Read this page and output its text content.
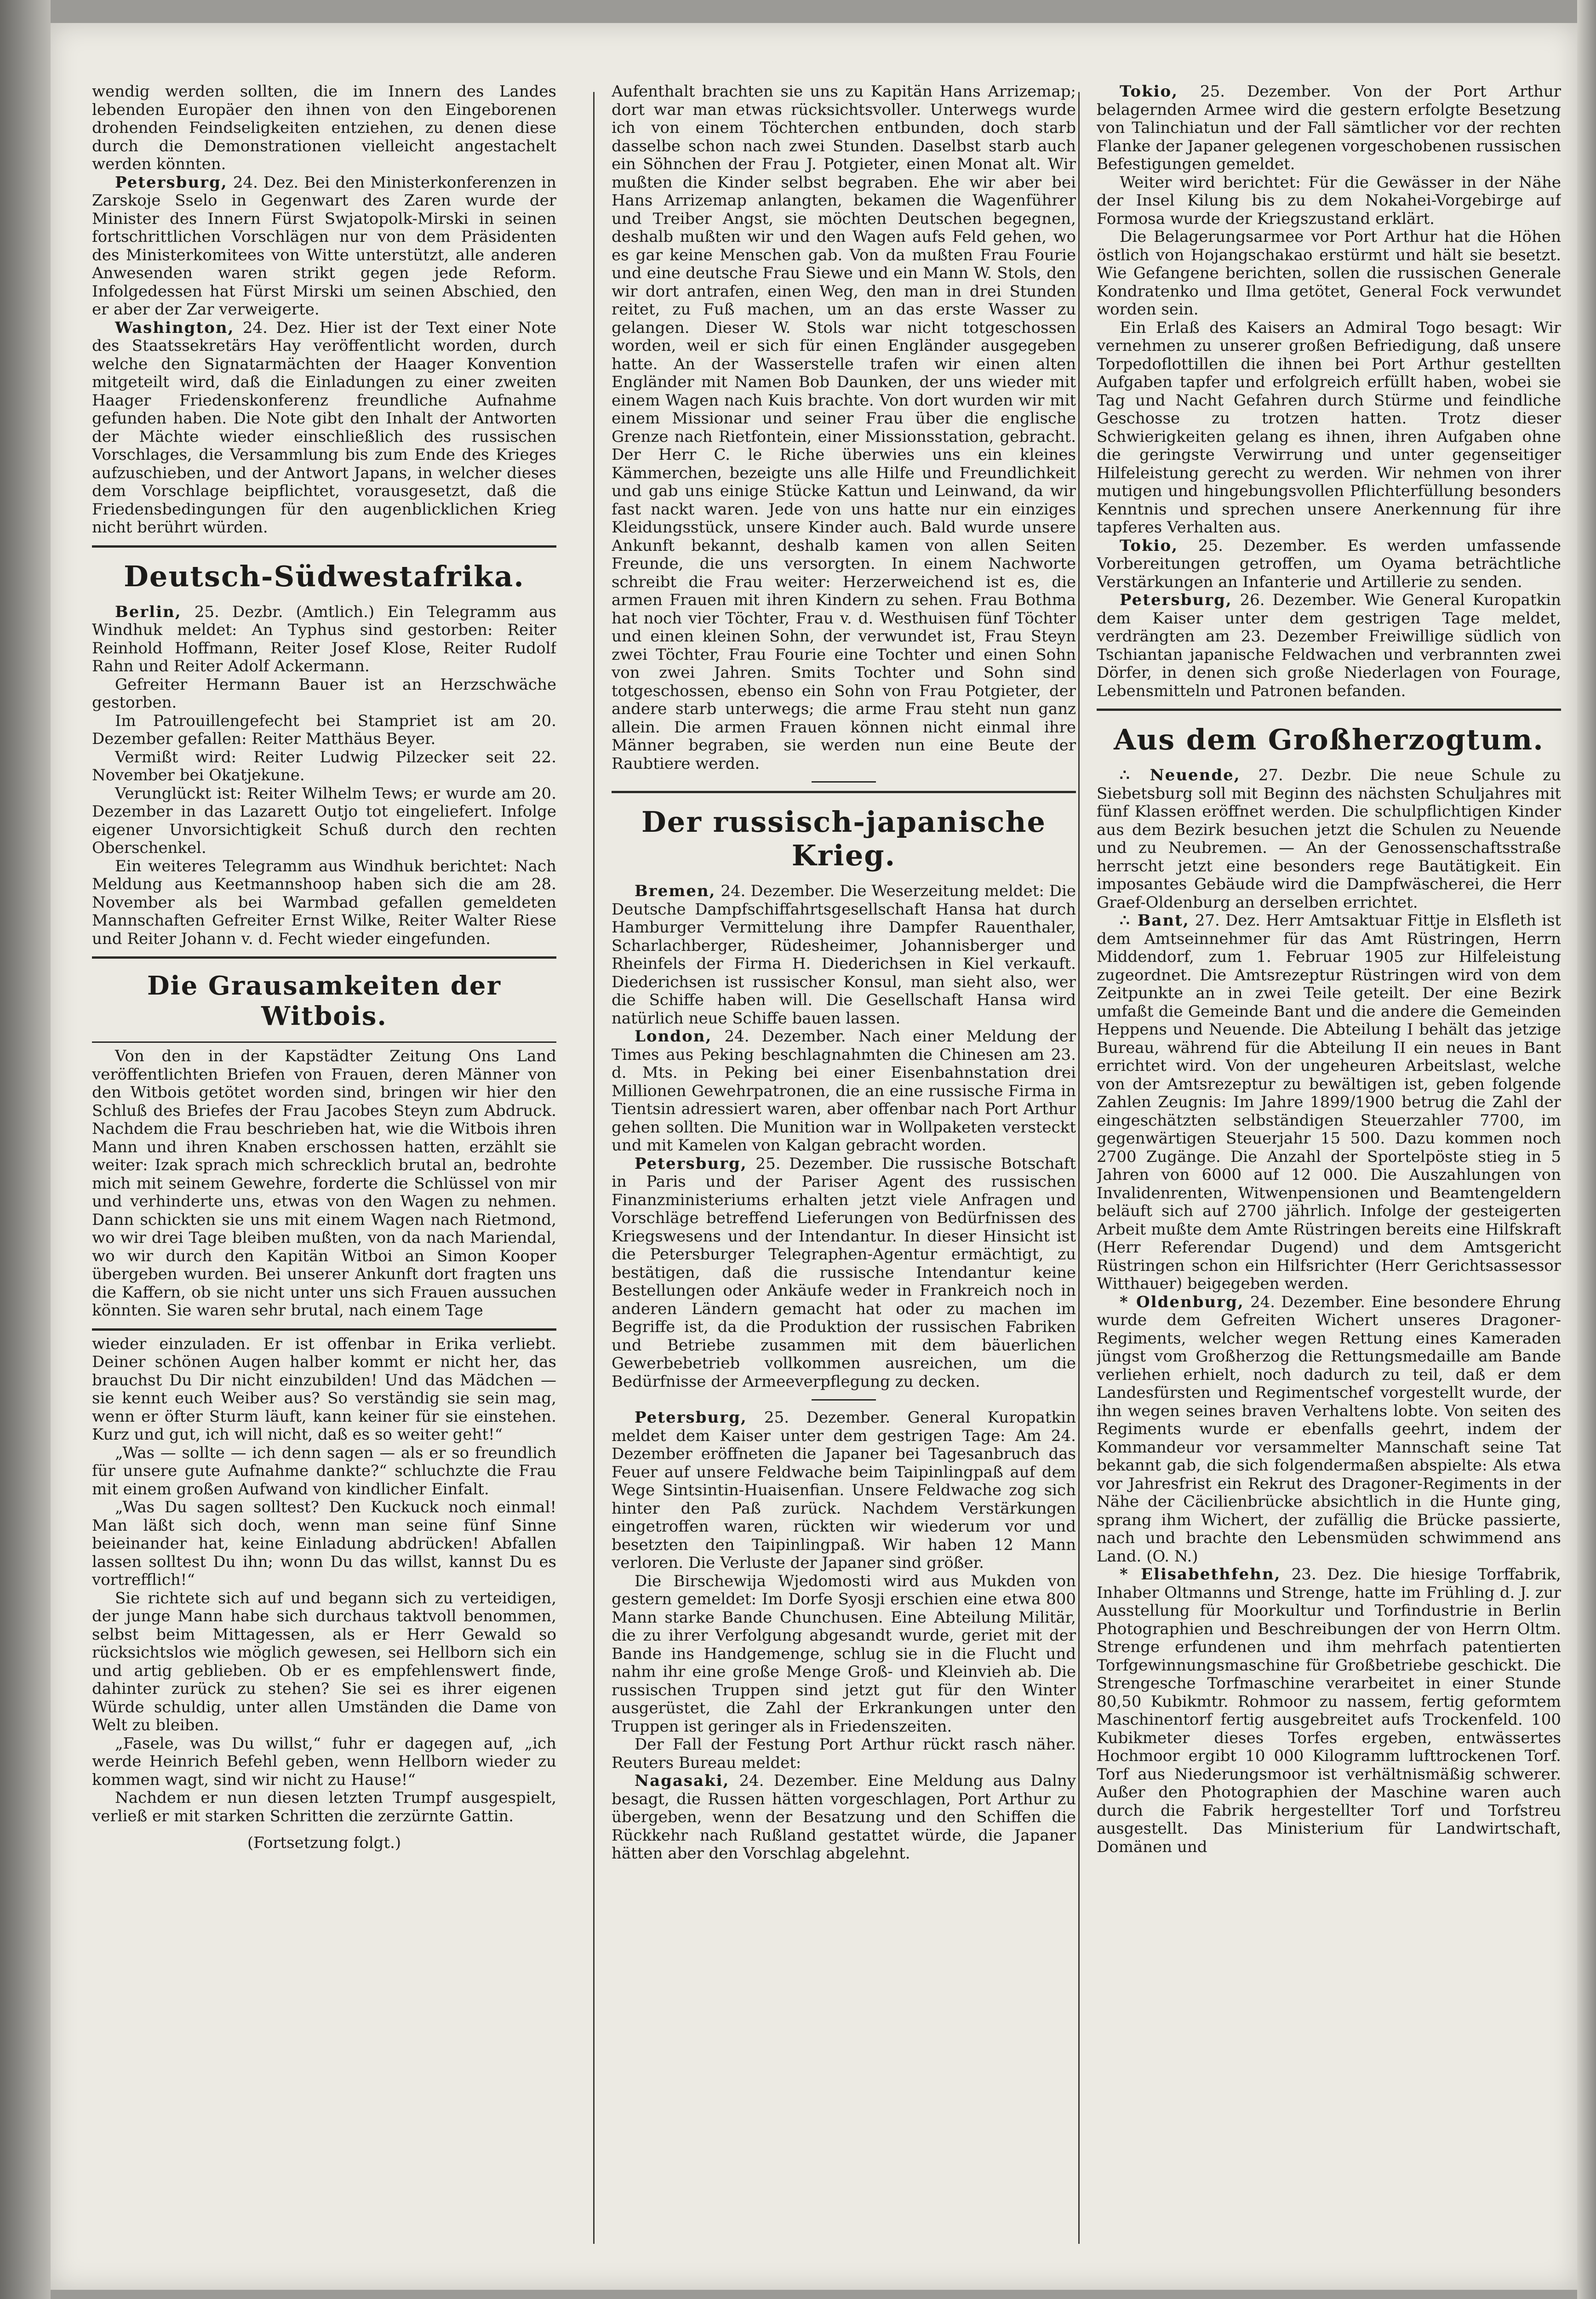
wendig werden sollten, die im Innern des Landes lebenden Europäer den ihnen von den Eingeborenen drohenden Feindseligkeiten entziehen, zu denen diese durch die Demonstrationen vielleicht angestachelt werden könnten.

Petersburg, 24. Dez. Bei den Ministerkonferenzen in Zarskoje Sselo in Gegenwart des Zaren wurde der Minister des Innern Fürst Swjatopolk-Mirski in seinen fortschrittlichen Vorschlägen nur von dem Präsidenten des Ministerkomitees von Witte unterstützt, alle anderen Anwesenden waren strikt gegen jede Reform. Infolgedessen hat Fürst Mirski um seinen Abschied, den er aber der Zar verweigerte.

Washington, 24. Dez. Hier ist der Text einer Note des Staatssekretärs Hay veröffentlicht worden, durch welche den Signatarmächten der Haager Konvention mitgeteilt wird, daß die Einladungen zu einer zweiten Haager Friedenskonferenz freundliche Aufnahme gefunden haben. Die Note gibt den Inhalt der Antworten der Mächte wieder einschließlich des russischen Vorschlages, die Versammlung bis zum Ende des Krieges aufzuschieben, und der Antwort Japans, in welcher dieses dem Vorschlage beipflichtet, vorausgesetzt, daß die Friedensbedingungen für den augenblicklichen Krieg nicht berührt würden.

Deutsch-Südwestafrika.

Berlin, 25. Dezbr. (Amtlich.) Ein Telegramm aus Windhuk meldet: An Typhus sind gestorben: Reiter Reinhold Hoffmann, Reiter Josef Klose, Reiter Rudolf Rahn und Reiter Adolf Ackermann.

Gefreiter Hermann Bauer ist an Herzschwäche gestorben.

Im Patrouillengefecht bei Stampriet ist am 20. Dezember gefallen: Reiter Matthäus Beyer.

Vermißt wird: Reiter Ludwig Pilzecker seit 22. November bei Okatjekune.

Verunglückt ist: Reiter Wilhelm Tews; er wurde am 20. Dezember in das Lazarett Outjo tot eingeliefert. Infolge eigener Unvorsichtigkeit Schuß durch den rechten Oberschenkel.

Ein weiteres Telegramm aus Windhuk berichtet: Nach Meldung aus Keetmannshoop haben sich die am 28. November als bei Warmbad gefallen gemeldeten Mannschaften Gefreiter Ernst Wilke, Reiter Walter Riese und Reiter Johann v. d. Fecht wieder eingefunden.

Die Grausamkeiten der Witbois.

Von den in der Kapstädter Zeitung Ons Land veröffentlichten Briefen von Frauen, deren Männer von den Witbois getötet worden sind, bringen wir hier den Schluß des Briefes der Frau Jacobes Steyn zum Abdruck. Nachdem die Frau beschrieben hat, wie die Witbois ihren Mann und ihren Knaben erschossen hatten, erzählt sie weiter: Izak sprach mich schrecklich brutal an, bedrohte mich mit seinem Gewehre, forderte die Schlüssel von mir und verhinderte uns, etwas von den Wagen zu nehmen. Dann schickten sie uns mit einem Wagen nach Rietmond, wo wir drei Tage bleiben mußten, von da nach Mariendal, wo wir durch den Kapitän Witboi an Simon Kooper übergeben wurden. Bei unserer Ankunft dort fragten uns die Kaffern, ob sie nicht unter uns sich Frauen aussuchen könnten. Sie waren sehr brutal, nach einem Tage

wieder einzuladen. Er ist offenbar in Erika verliebt. Deiner schönen Augen halber kommt er nicht her, das brauchst Du Dir nicht einzubilden! Und das Mädchen — sie kennt euch Weiber aus? So verständig sie sein mag, wenn er öfter Sturm läuft, kann keiner für sie einstehen. Kurz und gut, ich will nicht, daß es so weiter geht!“

„Was — sollte — ich denn sagen — als er so freundlich für unsere gute Aufnahme dankte?“ schluchzte die Frau mit einem großen Aufwand von kindlicher Einfalt.

„Was Du sagen solltest? Den Kuckuck noch einmal! Man läßt sich doch, wenn man seine fünf Sinne beieinander hat, keine Einladung abdrücken! Abfallen lassen solltest Du ihn; wonn Du das willst, kannst Du es vortrefflich!“

Sie richtete sich auf und begann sich zu verteidigen, der junge Mann habe sich durchaus taktvoll benommen, selbst beim Mittagessen, als er Herr Gewald so rücksichtslos wie möglich gewesen, sei Hellborn sich ein und artig geblieben. Ob er es empfehlenswert finde, dahinter zurück zu stehen? Sie sei es ihrer eigenen Würde schuldig, unter allen Umständen die Dame von Welt zu bleiben.

„Fasele, was Du willst,“ fuhr er dagegen auf, „ich werde Heinrich Befehl geben, wenn Hellborn wieder zu kommen wagt, sind wir nicht zu Hause!“

Nachdem er nun diesen letzten Trumpf ausgespielt, verließ er mit starken Schritten die zerzürnte Gattin.

(Fortsetzung folgt.)

Aufenthalt brachten sie uns zu Kapitän Hans Arrizemap; dort war man etwas rücksichtsvoller. Unterwegs wurde ich von einem Töchterchen entbunden, doch starb dasselbe schon nach zwei Stunden. Daselbst starb auch ein Söhnchen der Frau J. Potgieter, einen Monat alt. Wir mußten die Kinder selbst begraben. Ehe wir aber bei Hans Arrizemap anlangten, bekamen die Wagenführer und Treiber Angst, sie möchten Deutschen begegnen, deshalb mußten wir und den Wagen aufs Feld gehen, wo es gar keine Menschen gab. Von da mußten Frau Fourie und eine deutsche Frau Siewe und ein Mann W. Stols, den wir dort antrafen, einen Weg, den man in drei Stunden reitet, zu Fuß machen, um an das erste Wasser zu gelangen. Dieser W. Stols war nicht totgeschossen worden, weil er sich für einen Engländer ausgegeben hatte. An der Wasserstelle trafen wir einen alten Engländer mit Namen Bob Daunken, der uns wieder mit einem Wagen nach Kuis brachte. Von dort wurden wir mit einem Missionar und seiner Frau über die englische Grenze nach Rietfontein, einer Missionsstation, gebracht. Der Herr C. le Riche überwies uns ein kleines Kämmerchen, bezeigte uns alle Hilfe und Freundlichkeit und gab uns einige Stücke Kattun und Leinwand, da wir fast nackt waren. Jede von uns hatte nur ein einziges Kleidungsstück, unsere Kinder auch. Bald wurde unsere Ankunft bekannt, deshalb kamen von allen Seiten Freunde, die uns versorgten. In einem Nachworte schreibt die Frau weiter: Herzerweichend ist es, die armen Frauen mit ihren Kindern zu sehen. Frau Bothma hat noch vier Töchter, Frau v. d. Westhuisen fünf Töchter und einen kleinen Sohn, der verwundet ist, Frau Steyn zwei Töchter, Frau Fourie eine Tochter und einen Sohn von zwei Jahren. Smits Tochter und Sohn sind totgeschossen, ebenso ein Sohn von Frau Potgieter, der andere starb unterwegs; die arme Frau steht nun ganz allein. Die armen Frauen können nicht einmal ihre Männer begraben, sie werden nun eine Beute der Raubtiere werden.

Der russisch-japanische Krieg.

Bremen, 24. Dezember. Die Weserzeitung meldet: Die Deutsche Dampfschiffahrtsgesellschaft Hansa hat durch Hamburger Vermittelung ihre Dampfer Rauenthaler, Scharlachberger, Rüdesheimer, Johannisberger und Rheinfels der Firma H. Diederichsen in Kiel verkauft. Diederichsen ist russischer Konsul, man sieht also, wer die Schiffe haben will. Die Gesellschaft Hansa wird natürlich neue Schiffe bauen lassen.

London, 24. Dezember. Nach einer Meldung der Times aus Peking beschlagnahmten die Chinesen am 23. d. Mts. in Peking bei einer Eisenbahnstation drei Millionen Gewehrpatronen, die an eine russische Firma in Tientsin adressiert waren, aber offenbar nach Port Arthur gehen sollten. Die Munition war in Wollpaketen versteckt und mit Kamelen von Kalgan gebracht worden.

Petersburg, 25. Dezember. Die russische Botschaft in Paris und der Pariser Agent des russischen Finanzministeriums erhalten jetzt viele Anfragen und Vorschläge betreffend Lieferungen von Bedürfnissen des Kriegswesens und der Intendantur. In dieser Hinsicht ist die Petersburger Telegraphen-Agentur ermächtigt, zu bestätigen, daß die russische Intendantur keine Bestellungen oder Ankäufe weder in Frankreich noch in anderen Ländern gemacht hat oder zu machen im Begriffe ist, da die Produktion der russischen Fabriken und Betriebe zusammen mit dem bäuerlichen Gewerbebetrieb vollkommen ausreichen, um die Bedürfnisse der Armeeverpflegung zu decken.

Petersburg, 25. Dezember. General Kuropatkin meldet dem Kaiser unter dem gestrigen Tage: Am 24. Dezember eröffneten die Japaner bei Tagesanbruch das Feuer auf unsere Feldwache beim Taipinlingpaß auf dem Wege Sintsintin-Huaisenfian. Unsere Feldwache zog sich hinter den Paß zurück. Nachdem Verstärkungen eingetroffen waren, rückten wir wiederum vor und besetzten den Taipinlingpaß. Wir haben 12 Mann verloren. Die Verluste der Japaner sind größer.

Die Birschewija Wjedomosti wird aus Mukden von gestern gemeldet: Im Dorfe Syosji erschien eine etwa 800 Mann starke Bande Chunchusen. Eine Abteilung Militär, die zu ihrer Verfolgung abgesandt wurde, geriet mit der Bande ins Handgemenge, schlug sie in die Flucht und nahm ihr eine große Menge Groß- und Kleinvieh ab. Die russischen Truppen sind jetzt gut für den Winter ausgerüstet, die Zahl der Erkrankungen unter den Truppen ist geringer als in Friedenszeiten.

Der Fall der Festung Port Arthur rückt rasch näher. Reuters Bureau meldet:

Nagasaki, 24. Dezember. Eine Meldung aus Dalny besagt, die Russen hätten vorgeschlagen, Port Arthur zu übergeben, wenn der Besatzung und den Schiffen die Rückkehr nach Rußland gestattet würde, die Japaner hätten aber den Vorschlag abgelehnt.

Tokio, 25. Dezember. Von der Port Arthur belagernden Armee wird die gestern erfolgte Besetzung von Talinchiatun und der Fall sämtlicher vor der rechten Flanke der Japaner gelegenen vorgeschobenen russischen Befestigungen gemeldet.

Weiter wird berichtet: Für die Gewässer in der Nähe der Insel Kilung bis zu dem Nokahei-Vorgebirge auf Formosa wurde der Kriegszustand erklärt.

Die Belagerungsarmee vor Port Arthur hat die Höhen östlich von Hojangschakao erstürmt und hält sie besetzt. Wie Gefangene berichten, sollen die russischen Generale Kondratenko und Ilma getötet, General Fock verwundet worden sein.

Ein Erlaß des Kaisers an Admiral Togo besagt: Wir vernehmen zu unserer großen Befriedigung, daß unsere Torpedoflottillen die ihnen bei Port Arthur gestellten Aufgaben tapfer und erfolgreich erfüllt haben, wobei sie Tag und Nacht Gefahren durch Stürme und feindliche Geschosse zu trotzen hatten. Trotz dieser Schwierigkeiten gelang es ihnen, ihren Aufgaben ohne die geringste Verwirrung und unter gegenseitiger Hilfeleistung gerecht zu werden. Wir nehmen von ihrer mutigen und hingebungsvollen Pflichterfüllung besonders Kenntnis und sprechen unsere Anerkennung für ihre tapferes Verhalten aus.

Tokio, 25. Dezember. Es werden umfassende Vorbereitungen getroffen, um Oyama beträchtliche Verstärkungen an Infanterie und Artillerie zu senden.

Petersburg, 26. Dezember. Wie General Kuropatkin dem Kaiser unter dem gestrigen Tage meldet, verdrängten am 23. Dezember Freiwillige südlich von Tschiantan japanische Feldwachen und verbrannten zwei Dörfer, in denen sich große Niederlagen von Fourage, Lebensmitteln und Patronen befanden.

Aus dem Großherzogtum.

∴ Neuende, 27. Dezbr. Die neue Schule zu Siebetsburg soll mit Beginn des nächsten Schuljahres mit fünf Klassen eröffnet werden. Die schulpflichtigen Kinder aus dem Bezirk besuchen jetzt die Schulen zu Neuende und zu Neubremen. — An der Genossenschaftsstraße herrscht jetzt eine besonders rege Bautätigkeit. Ein imposantes Gebäude wird die Dampfwäscherei, die Herr Graef-Oldenburg an derselben errichtet.

∴ Bant, 27. Dez. Herr Amtsaktuar Fittje in Elsfleth ist dem Amtseinnehmer für das Amt Rüstringen, Herrn Middendorf, zum 1. Februar 1905 zur Hilfeleistung zugeordnet. Die Amtsrezeptur Rüstringen wird von dem Zeitpunkte an in zwei Teile geteilt. Der eine Bezirk umfaßt die Gemeinde Bant und die andere die Gemeinden Heppens und Neuende. Die Abteilung I behält das jetzige Bureau, während für die Abteilung II ein neues in Bant errichtet wird. Von der ungeheuren Arbeitslast, welche von der Amtsrezeptur zu bewältigen ist, geben folgende Zahlen Zeugnis: Im Jahre 1899/1900 betrug die Zahl der eingeschätzten selbständigen Steuerzahler 7700, im gegenwärtigen Steuerjahr 15 500. Dazu kommen noch 2700 Zugänge. Die Anzahl der Sportelpöste stieg in 5 Jahren von 6000 auf 12 000. Die Auszahlungen von Invalidenrenten, Witwenpensionen und Beamtengeldern beläuft sich auf 2700 jährlich. Infolge der gesteigerten Arbeit mußte dem Amte Rüstringen bereits eine Hilfskraft (Herr Referendar Dugend) und dem Amtsgericht Rüstringen schon ein Hilfsrichter (Herr Gerichtsassessor Witthauer) beigegeben werden.

* Oldenburg, 24. Dezember. Eine besondere Ehrung wurde dem Gefreiten Wichert unseres Dragoner-Regiments, welcher wegen Rettung eines Kameraden jüngst vom Großherzog die Rettungsmedaille am Bande verliehen erhielt, noch dadurch zu teil, daß er dem Landesfürsten und Regimentschef vorgestellt wurde, der ihn wegen seines braven Verhaltens lobte. Von seiten des Regiments wurde er ebenfalls geehrt, indem der Kommandeur vor versammelter Mannschaft seine Tat bekannt gab, die sich folgendermaßen abspielte: Als etwa vor Jahresfrist ein Rekrut des Dragoner-Regiments in der Nähe der Cäcilienbrücke absichtlich in die Hunte ging, sprang ihm Wichert, der zufällig die Brücke passierte, nach und brachte den Lebensmüden schwimmend ans Land. (O. N.)

* Elisabethfehn, 23. Dez. Die hiesige Torffabrik, Inhaber Oltmanns und Strenge, hatte im Frühling d. J. zur Ausstellung für Moorkultur und Torfindustrie in Berlin Photographien und Beschreibungen der von Herrn Oltm. Strenge erfundenen und ihm mehrfach patentierten Torfgewinnungsmaschine für Großbetriebe geschickt. Die Strengesche Torfmaschine verarbeitet in einer Stunde 80,50 Kubikmtr. Rohmoor zu nassem, fertig geformtem Maschinentorf fertig ausgebreitet aufs Trockenfeld. 100 Kubikmeter dieses Torfes ergeben, entwässertes Hochmoor ergibt 10 000 Kilogramm lufttrockenen Torf. Torf aus Niederungsmoor ist verhältnismäßig schwerer. Außer den Photographien der Maschine waren auch durch die Fabrik hergestellter Torf und Torfstreu ausgestellt. Das Ministerium für Landwirtschaft, Domänen und
